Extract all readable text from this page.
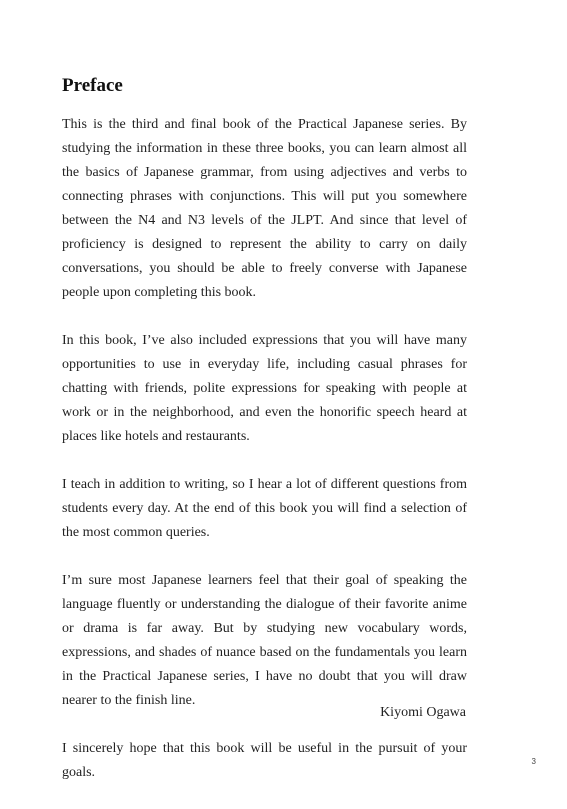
Preface

This is the third and final book of the Practical Japanese series. By studying the information in these three books, you can learn almost all the basics of Japanese grammar, from using adjectives and verbs to connecting phrases with conjunctions. This will put you somewhere between the N4 and N3 levels of the JLPT. And since that level of proficiency is designed to represent the ability to carry on daily conversations, you should be able to freely converse with Japanese people upon completing this book.

In this book, I’ve also included expressions that you will have many opportunities to use in everyday life, including casual phrases for chatting with friends, polite expressions for speaking with people at work or in the neighborhood, and even the honorific speech heard at places like hotels and restaurants.

I teach in addition to writing, so I hear a lot of different questions from students every day. At the end of this book you will find a selection of the most common queries.

I’m sure most Japanese learners feel that their goal of speaking the language fluently or understanding the dialogue of their favorite anime or drama is far away. But by studying new vocabulary words, expressions, and shades of nuance based on the fundamentals you learn in the Practical Japanese series, I have no doubt that you will draw nearer to the finish line.

I sincerely hope that this book will be useful in the pursuit of your goals.

Kiyomi Ogawa
3
